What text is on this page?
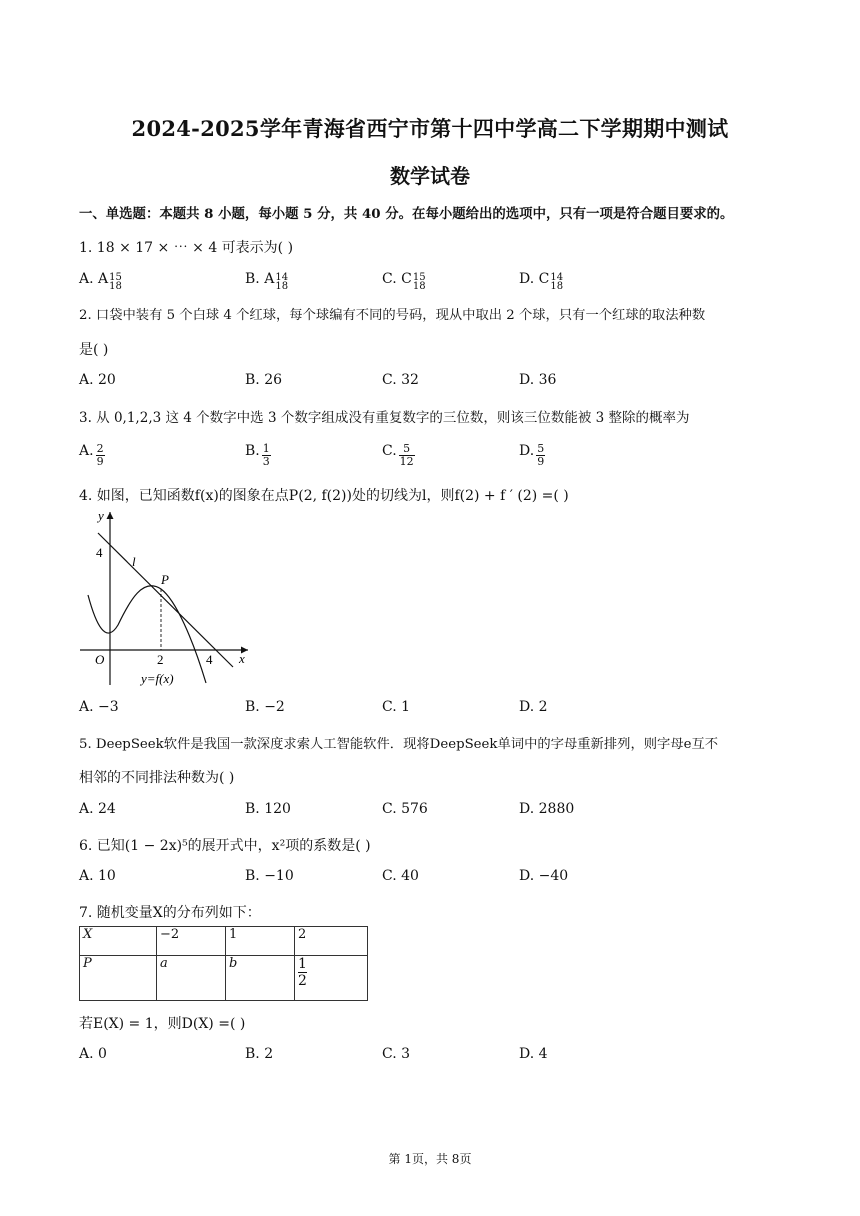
2024-2025学年青海省西宁市第十四中学高二下学期期中测试
数学试卷
一、单选题：本题共 8 小题，每小题 5 分，共 40 分。在每小题给出的选项中，只有一项是符合题目要求的。
1. 18 × 17 × ⋯ × 4 可表示为( )
A. A 15
18	B. A 14
18	C. C 15
18	D. C 14
18
2. 口袋中装有 5 个白球 4 个红球，每个球编有不同的号码，现从中取出 2 个球，只有一个红球的取法种数
是( )
A. 20	B. 26	C. 32	D. 36
3. 从 0,1,2,3 这 4 个数字中选 3 个数字组成没有重复数字的三位数，则该三位数能被 3 整除的概率为
A. $\frac{2}{9}$	B. $\frac{1}{3}$	C. $\frac{5}{12}$	D. $\frac{5}{9}$
4. 如图，已知函数f(x)的图象在点P(2, f(2))处的切线为l，则f(2) + f ′ (2) =( )
y
x
O
4
2	4
l
P
y=f(x)
A. −3	B. −2	C. 1	D. 2
5. DeepSeek软件是我国一款深度求索人工智能软件．现将DeepSeek单词中的字母重新排列，则字母e互不
相邻的不同排法种数为( )
A. 24	B. 120	C. 576	D. 2880
6. 已知(1 − 2x)⁵的展开式中，x²项的系数是( )
A. 10	B. −10	C. 40	D. −40
7. 随机变量X的分布列如下：
X	−2	1	2
P	a	b	$\frac{1}{2}$
若E(X) = 1，则D(X) =( )
A. 0	B. 2	C. 3	D. 4
第 1页，共 8页
